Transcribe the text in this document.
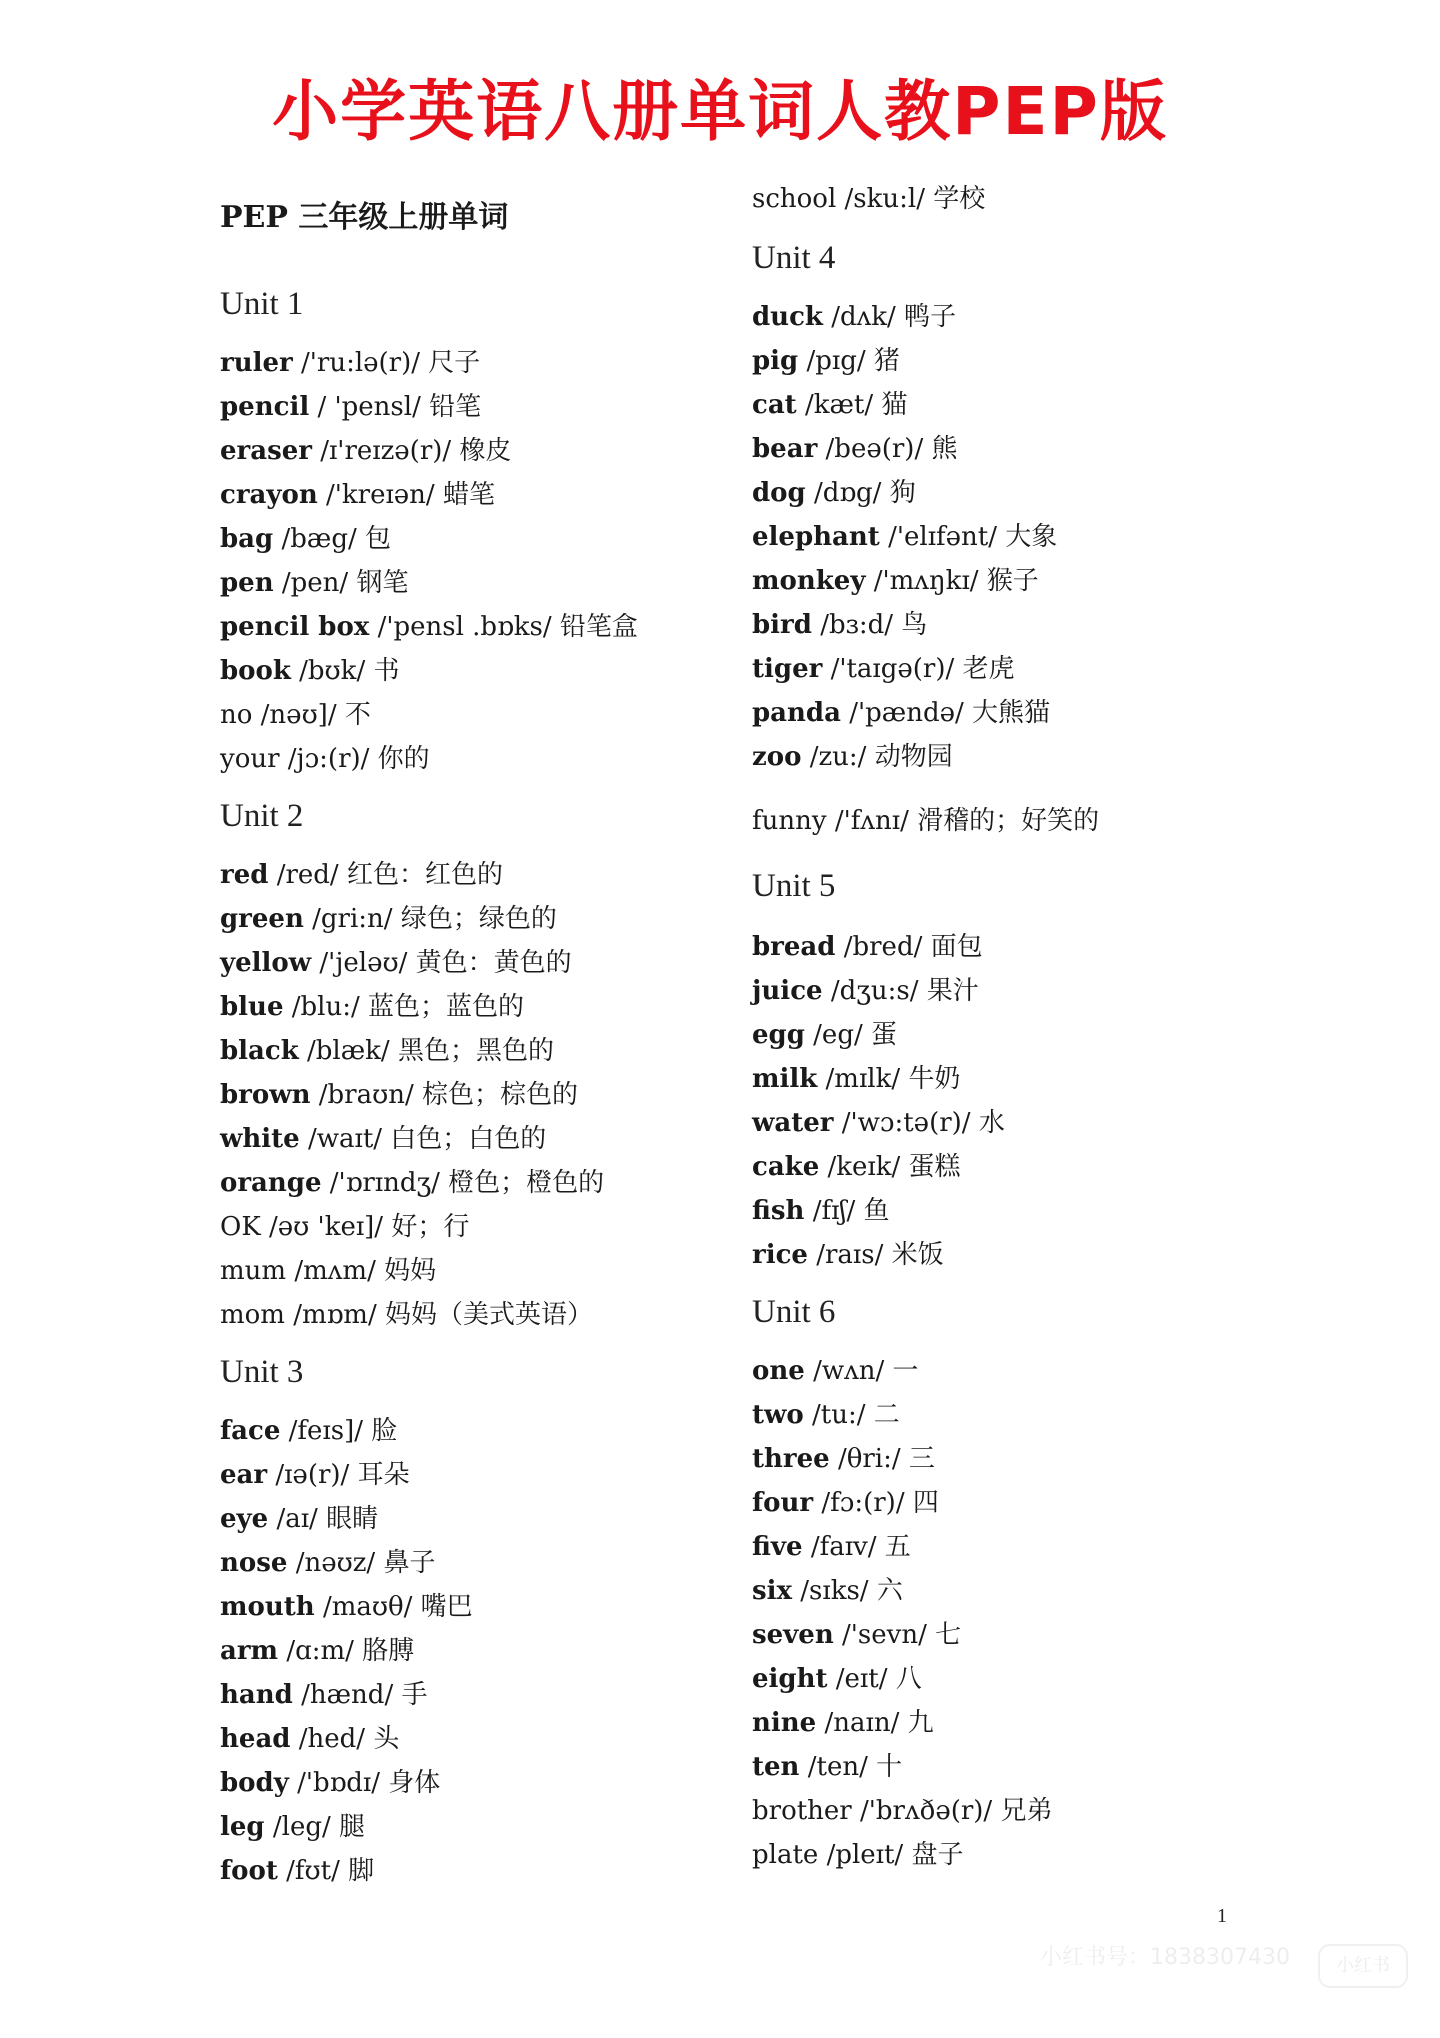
小学英语八册单词人教PEP版
PEP 三年级上册单词
Unit 1
ruler /'ru:lə(r)/ 尺子
pencil / 'pensl/ 铅笔
eraser /ɪ'reɪzə(r)/ 橡皮
crayon /'kreɪən/ 蜡笔
bag /bæg/ 包
pen /pen/ 钢笔
pencil box /'pensl .bɒks/ 铅笔盒
book /bʊk/ 书
no /nəʊ]/ 不
your /jɔ:(r)/ 你的
Unit 2
red /red/ 红色：红色的
green /gri:n/ 绿色；绿色的
yellow /'jeləʊ/ 黄色：黄色的
blue /blu:/ 蓝色；蓝色的
black /blæk/ 黑色；黑色的
brown /braʊn/ 棕色；棕色的
white /waɪt/ 白色；白色的
orange /'ɒrɪndʒ/ 橙色；橙色的
OK /əʊ 'keɪ]/ 好；行
mum /mʌm/ 妈妈
mom /mɒm/ 妈妈（美式英语）
Unit 3
face /feɪs]/ 脸
ear /ɪə(r)/ 耳朵
eye /aɪ/ 眼睛
nose /nəʊz/ 鼻子
mouth /maʊθ/ 嘴巴
arm /ɑ:m/ 胳膊
hand /hænd/ 手
head /hed/ 头
body /'bɒdɪ/ 身体
leg /leg/ 腿
foot /fʊt/ 脚
school /sku:l/ 学校
Unit 4
duck /dʌk/ 鸭子
pig /pɪg/ 猪
cat /kæt/ 猫
bear /beə(r)/ 熊
dog /dɒg/ 狗
elephant /'elɪfənt/ 大象
monkey /'mʌŋkɪ/ 猴子
bird /bɜ:d/ 鸟
tiger /'taɪgə(r)/ 老虎
panda /'pændə/ 大熊猫
zoo /zu:/ 动物园
funny /'fʌnɪ/ 滑稽的；好笑的
Unit 5
bread /bred/ 面包
juice /dʒu:s/ 果汁
egg /eg/ 蛋
milk /mɪlk/ 牛奶
water /'wɔ:tə(r)/ 水
cake /keɪk/ 蛋糕
fish /fɪʃ/ 鱼
rice /raɪs/ 米饭
Unit 6
one /wʌn/ 一
two /tu:/ 二
three /θri:/ 三
four /fɔ:(r)/ 四
five /faɪv/ 五
six /sɪks/ 六
seven /'sevn/ 七
eight /eɪt/ 八
nine /naɪn/ 九
ten /ten/ 十
brother /'brʌðə(r)/ 兄弟
plate /pleɪt/ 盘子
1
小红书号：1838307430	小红书
